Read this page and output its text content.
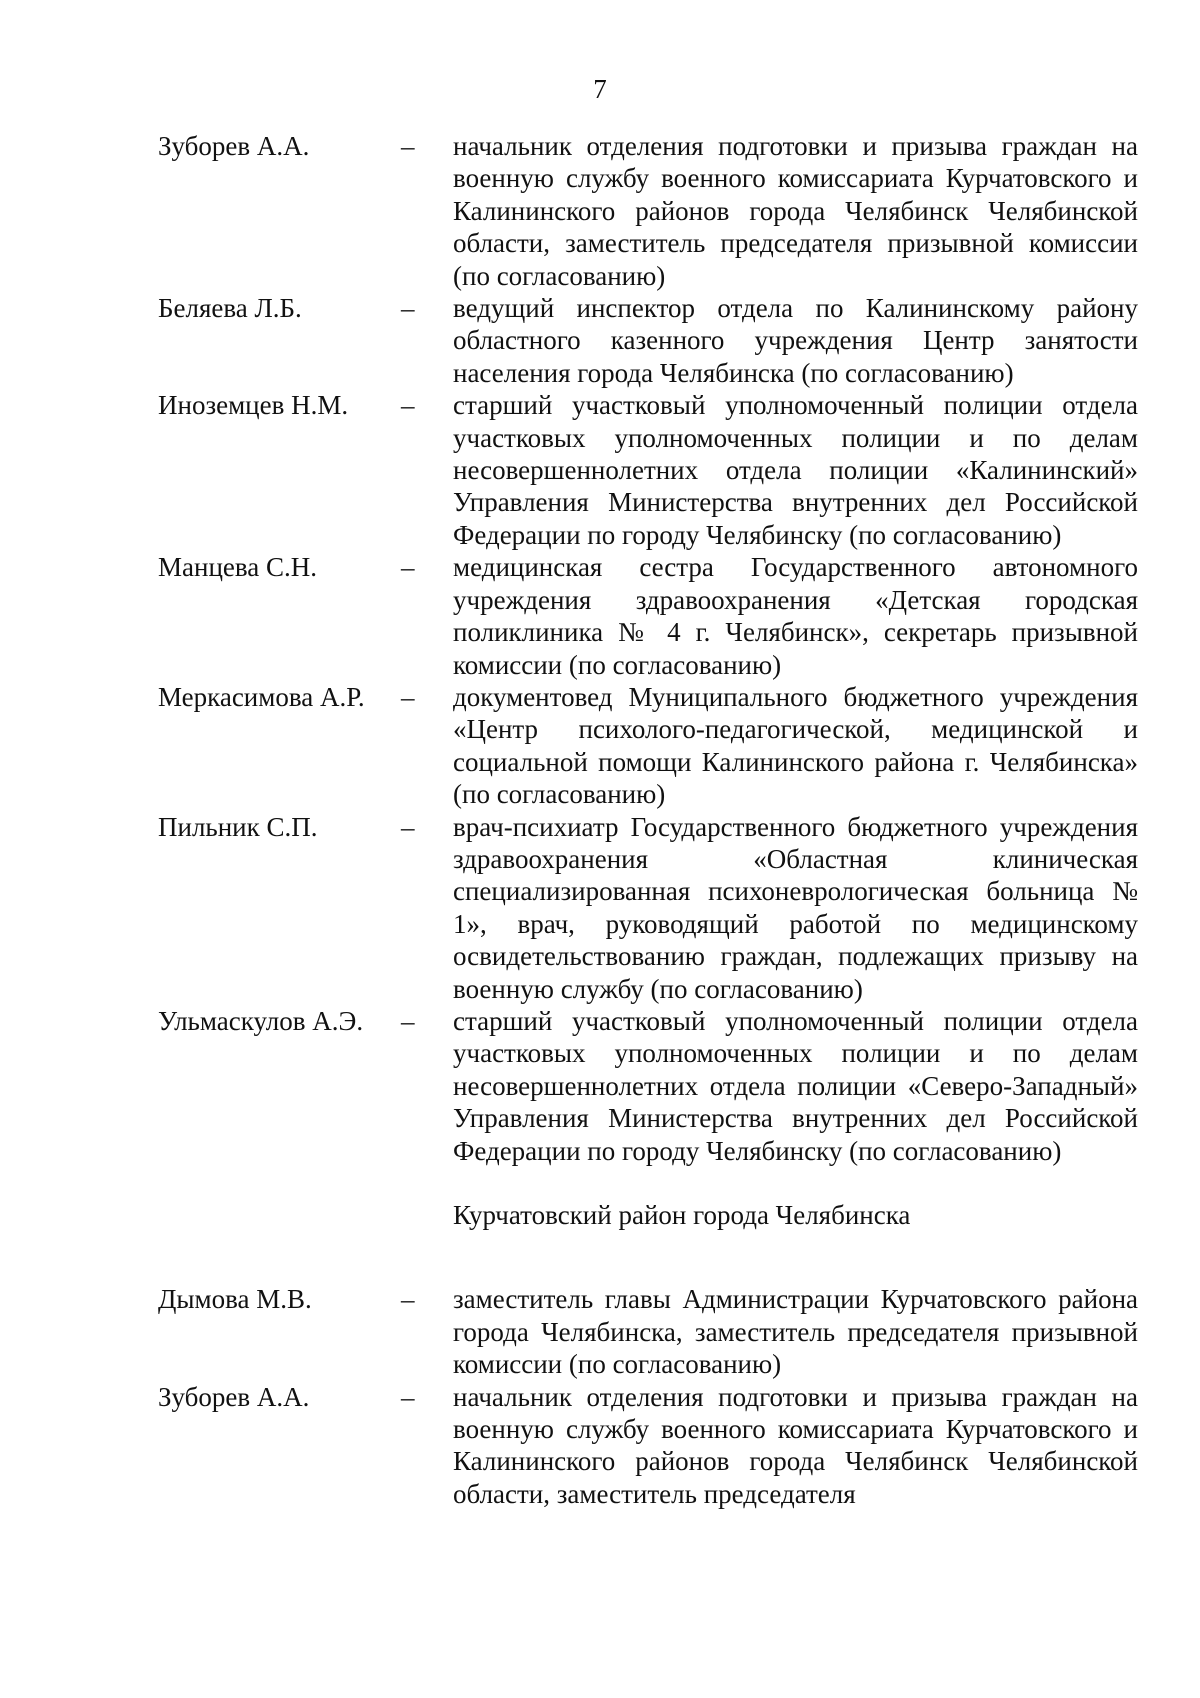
7
Зуборев А.А.	–	начальник отделения подготовки и призыва граждан на военную службу военного комиссариата Курчатовского и Калининского районов города Челябинск Челябинской области, заместитель председателя призывной комиссии (по согласованию)
Беляева Л.Б.	–	ведущий инспектор отдела по Калининскому району областного казенного учреждения Центр занятости населения города Челябинска (по согласованию)
Иноземцев Н.М.	–	старший участковый уполномоченный полиции отдела участковых уполномоченных полиции и по делам несовершеннолетних отдела полиции «Калининский» Управления Министерства внутренних дел Российской Федерации по городу Челябинску (по согласованию)
Манцева С.Н.	–	медицинская сестра Государственного автономного учреждения здравоохранения «Детская городская поликлиника № 4 г. Челябинск», секретарь призывной комиссии (по согласованию)
Меркасимова А.Р.	–	документовед Муниципального бюджетного учреждения «Центр психолого-педагогической, медицинской и социальной помощи Калининского района г. Челябинска» (по согласованию)
Пильник С.П.	–	врач-психиатр Государственного бюджетного учреждения здравоохранения «Областная клиническая специализированная психоневрологическая больница № 1», врач, руководящий работой по медицинскому освидетельствованию граждан, подлежащих призыву на военную службу (по согласованию)
Ульмаскулов А.Э.	–	старший участковый уполномоченный полиции отдела участковых уполномоченных полиции и по делам несовершеннолетних отдела полиции «Северо-Западный» Управления Министерства внутренних дел Российской Федерации по городу Челябинску (по согласованию)
Курчатовский район города Челябинска
Дымова М.В.	–	заместитель главы Администрации Курчатовского района города Челябинска, заместитель председателя призывной комиссии (по согласованию)
Зуборев А.А.	–	начальник отделения подготовки и призыва граждан на военную службу военного комиссариата Курчатовского и Калининского районов города Челябинск Челябинской области, заместитель председателя
